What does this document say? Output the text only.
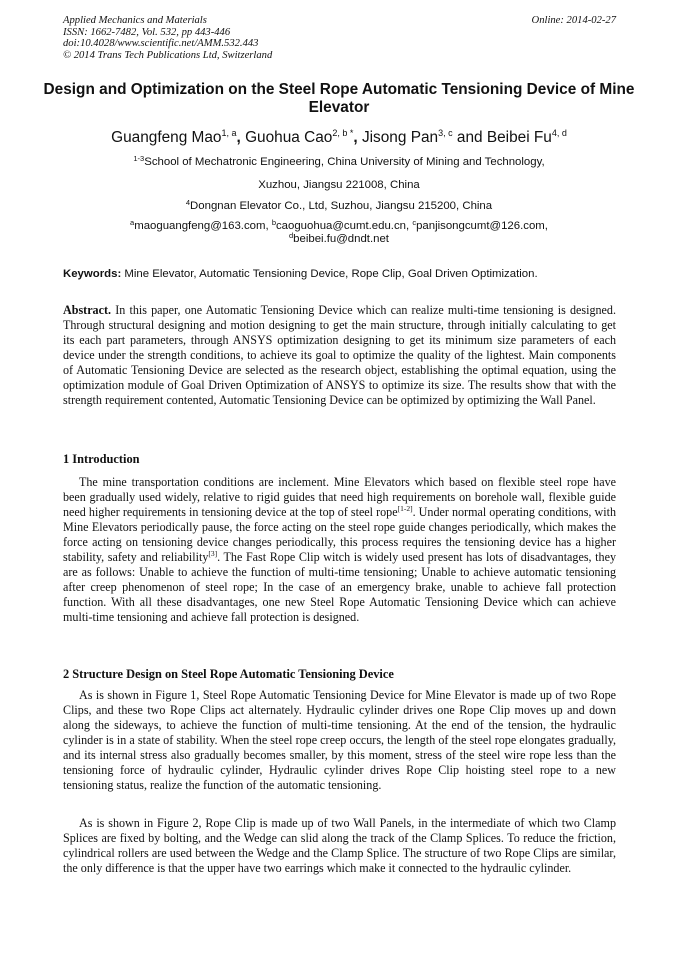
Applied Mechanics and Materials
ISSN: 1662-7482, Vol. 532, pp 443-446
doi:10.4028/www.scientific.net/AMM.532.443
© 2014 Trans Tech Publications Ltd, Switzerland
Online: 2014-02-27
Design and Optimization on the Steel Rope Automatic Tensioning Device of Mine Elevator
Guangfeng Mao$^{1, a}$, Guohua Cao$^{2, b *}$, Jisong Pan$^{3, c}$ and Beibei Fu$^{4, d}$
$^{1-3}$School of Mechatronic Engineering, China University of Mining and Technology,
Xuzhou, Jiangsu 221008, China
$^4$Dongnan Elevator Co., Ltd, Suzhou, Jiangsu 215200, China
$^a$maoguangfeng@163.com, $^b$caoguohua@cumt.edu.cn, $^c$panjisongcumt@126.com,
$^d$beibei.fu@dndt.net
Keywords: Mine Elevator, Automatic Tensioning Device, Rope Clip, Goal Driven Optimization.
Abstract. In this paper, one Automatic Tensioning Device which can realize multi-time tensioning is designed. Through structural designing and motion designing to get the main structure, through initially calculating to get its each part parameters, through ANSYS optimization designing to get its minimum size parameters of each device under the strength conditions, to achieve its goal to optimize the quality of the lightest. Main components of Automatic Tensioning Device are selected as the research object, establishing the optimal equation, using the optimization module of Goal Driven Optimization of ANSYS to optimize its size. The results show that with the strength requirement contented, Automatic Tensioning Device can be optimized by optimizing the Wall Panel.
1 Introduction
The mine transportation conditions are inclement. Mine Elevators which based on flexible steel rope have been gradually used widely, relative to rigid guides that need high requirements on borehole wall, flexible guide need higher requirements in tensioning device at the top of steel rope[1-2]. Under normal operating conditions, with Mine Elevators periodically pause, the force acting on the steel rope guide changes periodically, which makes the force acting on tensioning device changes periodically, this process requires the tensioning device has a higher stability, safety and reliability[3]. The Fast Rope Clip witch is widely used present has lots of disadvantages, they are as follows: Unable to achieve the function of multi-time tensioning; Unable to achieve automatic tensioning after creep phenomenon of steel rope; In the case of an emergency brake, unable to achieve fall protection function. With all these disadvantages, one new Steel Rope Automatic Tensioning Device which can achieve multi-time tensioning and achieve fall protection is designed.
2 Structure Design on Steel Rope Automatic Tensioning Device
As is shown in Figure 1, Steel Rope Automatic Tensioning Device for Mine Elevator is made up of two Rope Clips, and these two Rope Clips act alternately. Hydraulic cylinder drives one Rope Clip moves up and down along the sideways, to achieve the function of multi-time tensioning. At the end of the tension, the hydraulic cylinder is in a state of stability. When the steel rope creep occurs, the length of the steel rope elongates gradually, and its internal stress also gradually becomes smaller, by this moment, stress of the steel wire rope less than the tensioning force of hydraulic cylinder, Hydraulic cylinder drives Rope Clip hoisting steel rope to a new tensioning status, realize the function of the automatic tensioning.
As is shown in Figure 2, Rope Clip is made up of two Wall Panels, in the intermediate of which two Clamp Splices are fixed by bolting, and the Wedge can slid along the track of the Clamp Splices. To reduce the friction, cylindrical rollers are used between the Wedge and the Clamp Splice. The structure of two Rope Clips are similar, the only difference is that the upper have two earrings which make it connected to the hydraulic cylinder.
